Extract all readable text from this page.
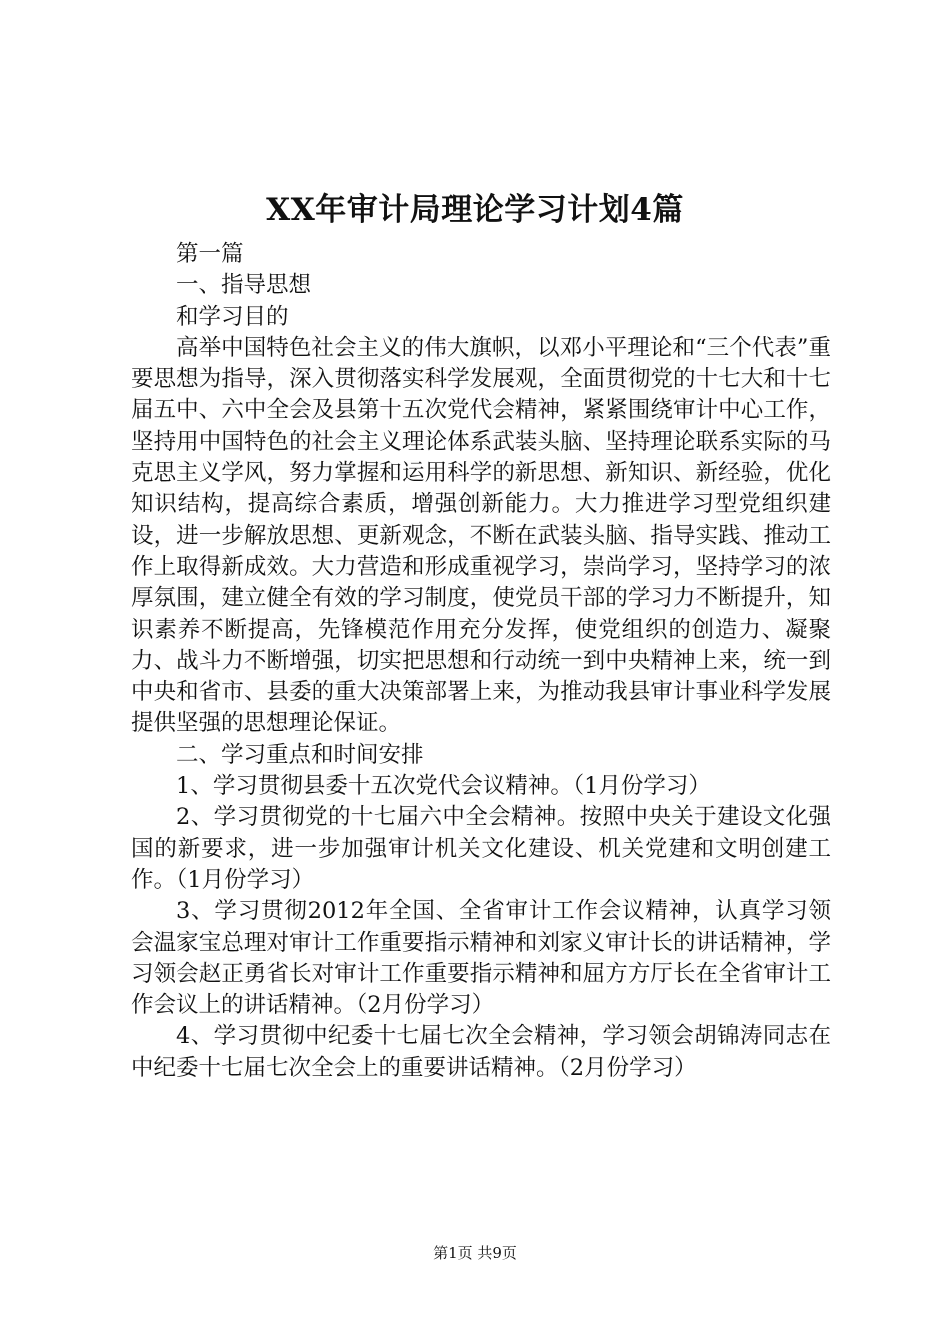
XX年审计局理论学习计划4篇

第一篇

一、指导思想

和学习目的

高举中国特色社会主义的伟大旗帜，以邓小平理论和“三个代表”重要思想为指导，深入贯彻落实科学发展观，全面贯彻党的十七大和十七届五中、六中全会及县第十五次党代会精神，紧紧围绕审计中心工作，坚持用中国特色的社会主义理论体系武装头脑、坚持理论联系实际的马克思主义学风，努力掌握和运用科学的新思想、新知识、新经验，优化知识结构，提高综合素质，增强创新能力。大力推进学习型党组织建设，进一步解放思想、更新观念，不断在武装头脑、指导实践、推动工作上取得新成效。大力营造和形成重视学习，崇尚学习，坚持学习的浓厚氛围，建立健全有效的学习制度，使党员干部的学习力不断提升，知识素养不断提高，先锋模范作用充分发挥，使党组织的创造力、凝聚力、战斗力不断增强，切实把思想和行动统一到中央精神上来，统一到中央和省市、县委的重大决策部署上来，为推动我县审计事业科学发展提供坚强的思想理论保证。

二、学习重点和时间安排

1、学习贯彻县委十五次党代会议精神。（1月份学习）

2、学习贯彻党的十七届六中全会精神。按照中央关于建设文化强国的新要求，进一步加强审计机关文化建设、机关党建和文明创建工作。（1月份学习）

3、学习贯彻2012年全国、全省审计工作会议精神，认真学习领会温家宝总理对审计工作重要指示精神和刘家义审计长的讲话精神，学习领会赵正勇省长对审计工作重要指示精神和屈方方厅长在全省审计工作会议上的讲话精神。（2月份学习）

4、学习贯彻中纪委十七届七次全会精神，学习领会胡锦涛同志在中纪委十七届七次全会上的重要讲话精神。（2月份学习）

第1页 共9页
